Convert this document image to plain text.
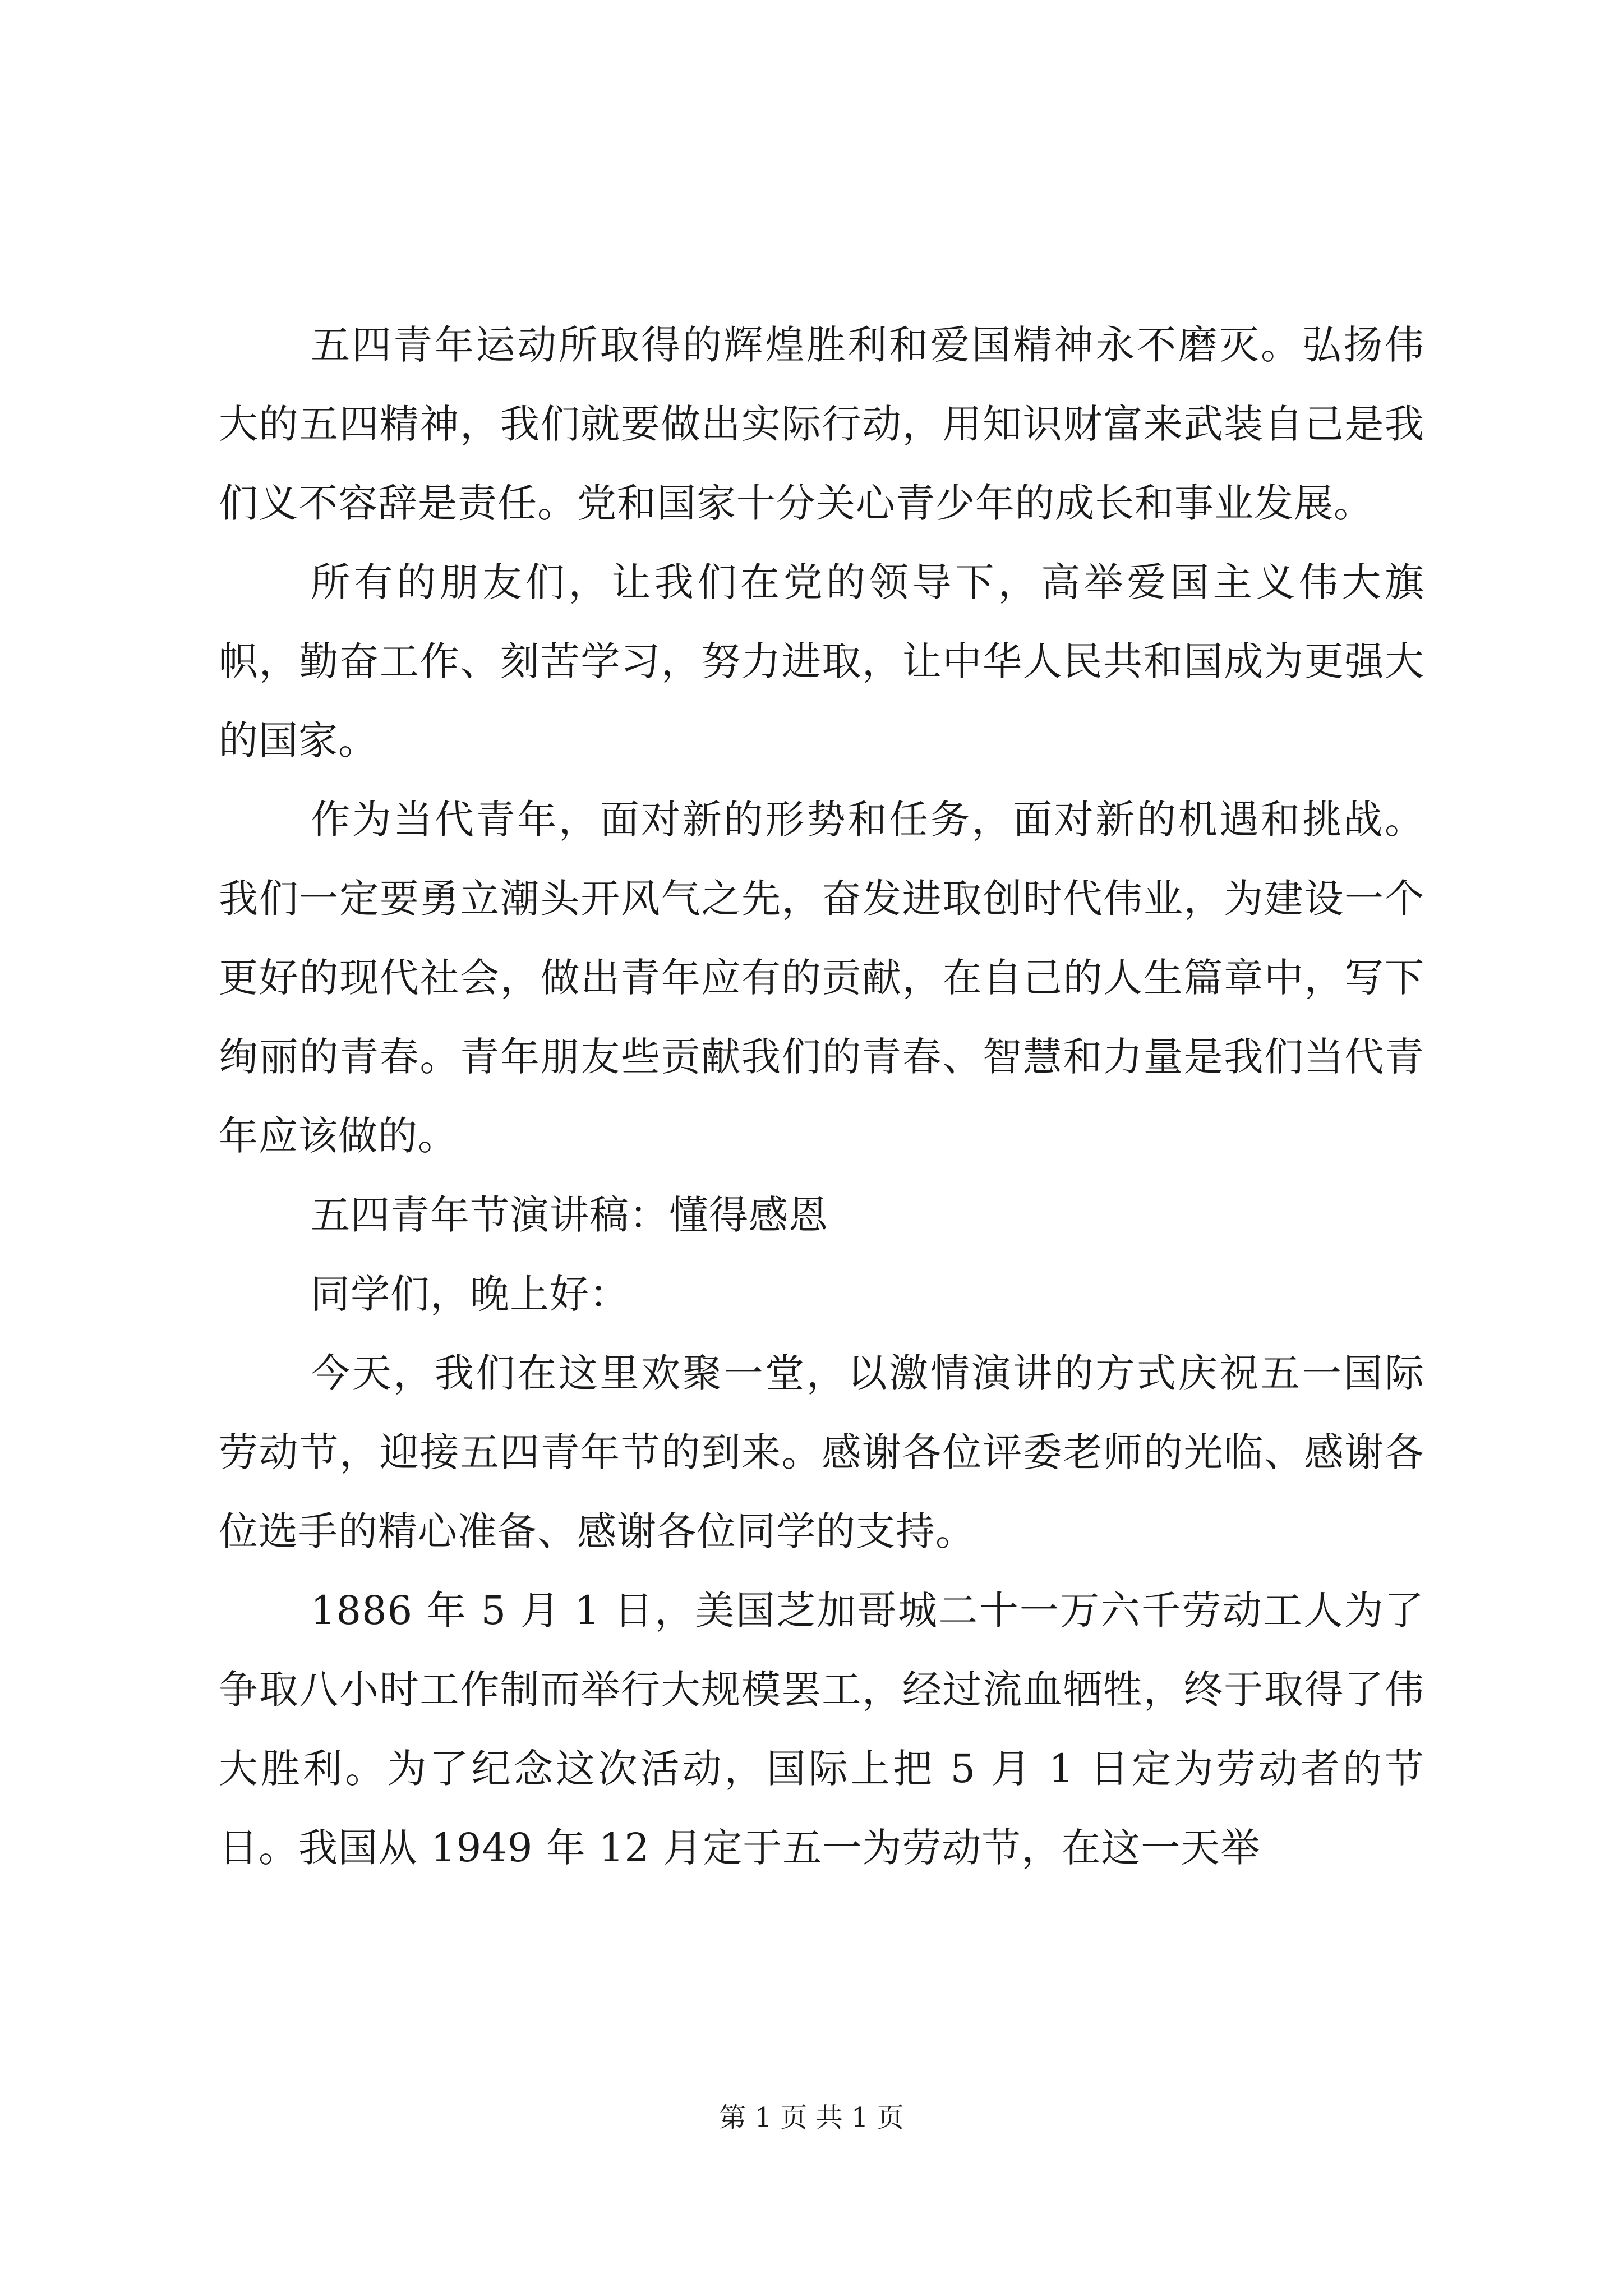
五四青年运动所取得的辉煌胜利和爱国精神永不磨灭。弘扬伟大的五四精神，我们就要做出实际行动，用知识财富来武装自己是我们义不容辞是责任。党和国家十分关心青少年的成长和事业发展。

所有的朋友们，让我们在党的领导下，高举爱国主义伟大旗帜，勤奋工作、刻苦学习，努力进取，让中华人民共和国成为更强大的国家。

作为当代青年，面对新的形势和任务，面对新的机遇和挑战。我们一定要勇立潮头开风气之先，奋发进取创时代伟业，为建设一个更好的现代社会，做出青年应有的贡献，在自己的人生篇章中，写下绚丽的青春。青年朋友些贡献我们的青春、智慧和力量是我们当代青年应该做的。

五四青年节演讲稿：懂得感恩

同学们，晚上好：

今天，我们在这里欢聚一堂，以激情演讲的方式庆祝五一国际劳动节，迎接五四青年节的到来。感谢各位评委老师的光临、感谢各位选手的精心准备、感谢各位同学的支持。

1886 年 5 月 1 日，美国芝加哥城二十一万六千劳动工人为了争取八小时工作制而举行大规模罢工，经过流血牺牲，终于取得了伟大胜利。为了纪念这次活动，国际上把 5 月 1 日定为劳动者的节日。我国从 1949 年 12 月定于五一为劳动节，在这一天举

第 1 页 共 1 页
